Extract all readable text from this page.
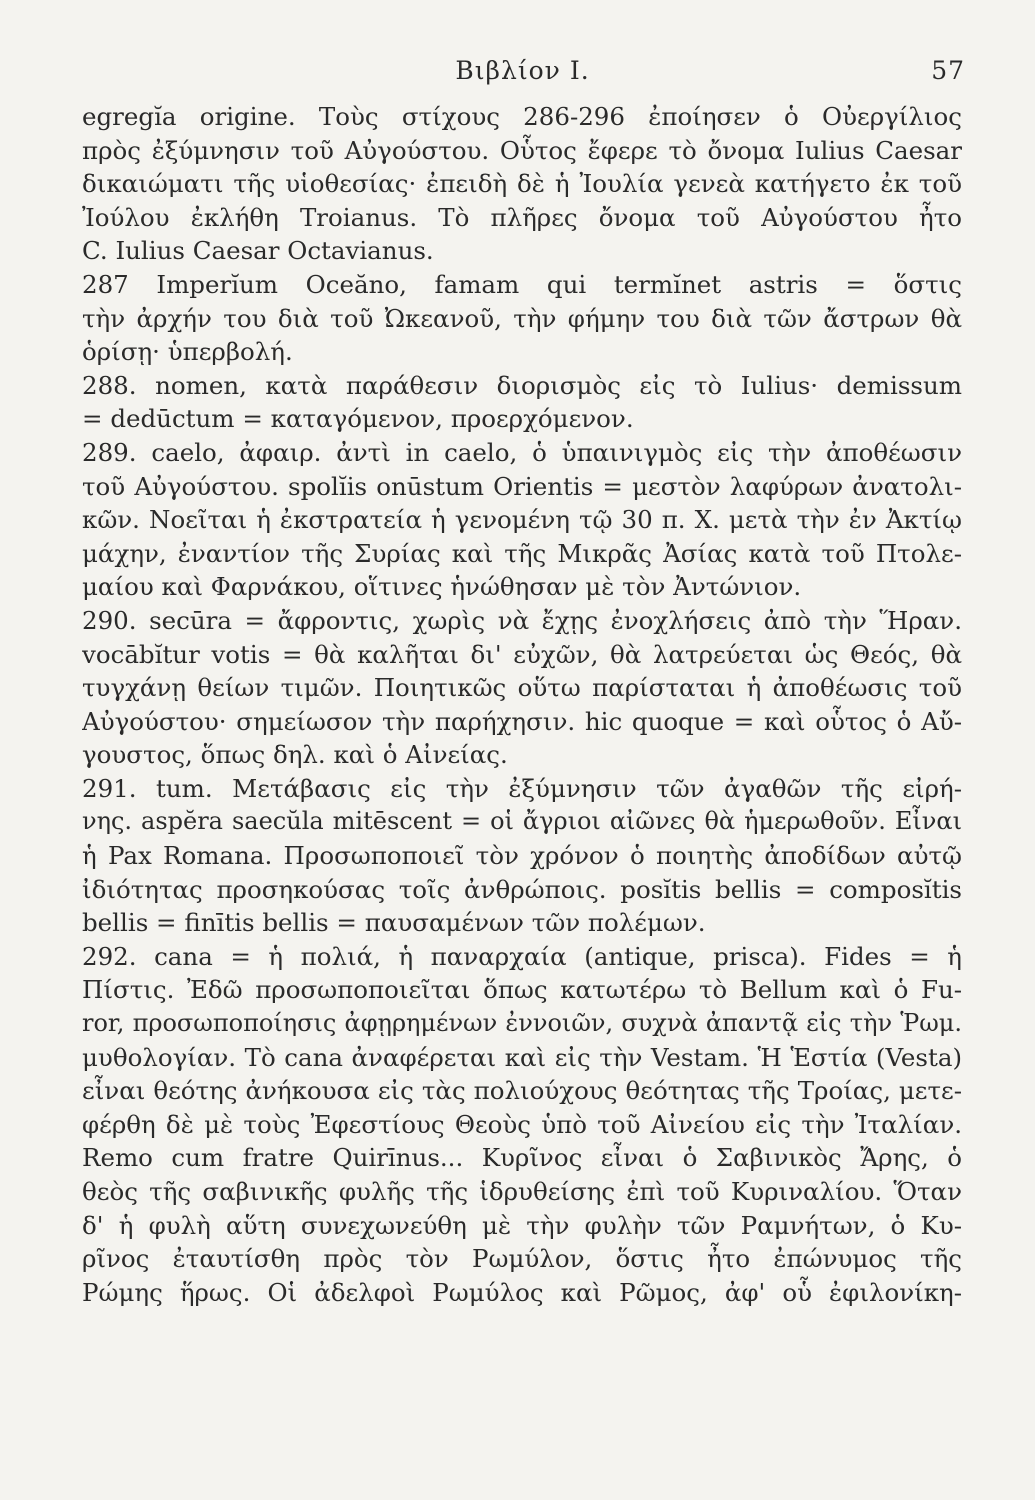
Βιβλίον I.	57
egregĭa origine. Τοὺς στίχους 286-296 ἐποίησεν ὁ Οὐεργίλιος
πρὸς ἐξύμνησιν τοῦ Αὐγούστου. Οὗτος ἔφερε τὸ ὄνομα Iulius Caesar
δικαιώματι τῆς υἱοθεσίας· ἐπειδὴ δὲ ἡ Ἰουλία γενεὰ κατήγετο ἐκ τοῦ
Ἰούλου ἐκλήθη Troianus. Τὸ πλῆρες ὄνομα τοῦ Αὐγούστου ἦτο
C. Iulius Caesar Octavianus.
287 Imperĭum Oceăno, famam qui termĭnet astris = ὅστις
τὴν ἀρχήν του διὰ τοῦ Ὠκεανοῦ, τὴν φήμην του διὰ τῶν ἄστρων θὰ
ὁρίσῃ· ὑπερβολή.
288. nomen, κατὰ παράθεσιν διορισμὸς εἰς τὸ Iulius· demissum
= dedūctum = καταγόμενον, προερχόμενον.
289. caelo, ἀφαιρ. ἀντὶ in caelo, ὁ ὑπαινιγμὸς εἰς τὴν ἀποθέωσιν
τοῦ Αὐγούστου. spolĭis onūstum Orientis = μεστὸν λαφύρων ἀνατολι-
κῶν. Νοεῖται ἡ ἐκστρατεία ἡ γενομένη τῷ 30 π. Χ. μετὰ τὴν ἐν Ἀκτίῳ
μάχην, ἐναντίον τῆς Συρίας καὶ τῆς Μικρᾶς Ἀσίας κατὰ τοῦ Πτολε-
μαίου καὶ Φαρνάκου, οἵτινες ἡνώθησαν μὲ τὸν Ἀντώνιον.
290. secūra = ἄφροντις, χωρὶς νὰ ἔχῃς ἐνοχλήσεις ἀπὸ τὴν Ἥραν.
vocābĭtur votis = θὰ καλῆται δι' εὐχῶν, θὰ λατρεύεται ὡς Θεός, θὰ
τυγχάνῃ θείων τιμῶν. Ποιητικῶς οὕτω παρίσταται ἡ ἀποθέωσις τοῦ
Αὐγούστου· σημείωσον τὴν παρήχησιν. hic quoque = καὶ οὗτος ὁ Αὔ-
γουστος, ὅπως δηλ. καὶ ὁ Αἰνείας.
291. tum. Μετάβασις εἰς τὴν ἐξύμνησιν τῶν ἀγαθῶν τῆς εἰρή-
νης. aspĕra saecŭla mitēscent = οἱ ἄγριοι αἰῶνες θὰ ἡμερωθοῦν. Εἶναι
ἡ Pax Romana. Προσωποποιεῖ τὸν χρόνον ὁ ποιητὴς ἀποδίδων αὐτῷ
ἰδιότητας προσηκούσας τοῖς ἀνθρώποις. posĭtis bellis = composĭtis
bellis = finītis bellis = παυσαμένων τῶν πολέμων.
292. cana = ἡ πολιά, ἡ παναρχαία (antique, prisca). Fides = ἡ
Πίστις. Ἐδῶ προσωποποιεῖται ὅπως κατωτέρω τὸ Bellum καὶ ὁ Fu-
ror, προσωποποίησις ἀφῃρημένων ἐννοιῶν, συχνὰ ἀπαντᾷ εἰς τὴν Ῥωμ.
μυθολογίαν. Τὸ cana ἀναφέρεται καὶ εἰς τὴν Vestam. Ἡ Ἑστία (Vesta)
εἶναι θεότης ἀνήκουσα εἰς τὰς πολιούχους θεότητας τῆς Τροίας, μετε-
φέρθη δὲ μὲ τοὺς Ἐφεστίους Θεοὺς ὑπὸ τοῦ Αἰνείου εἰς τὴν Ἰταλίαν.
Remo cum fratre Quirīnus... Κυρῖνος εἶναι ὁ Σαβινικὸς Ἄρης, ὁ
θεὸς τῆς σαβινικῆς φυλῆς τῆς ἱδρυθείσης ἐπὶ τοῦ Κυριναλίου. Ὅταν
δ' ἡ φυλὴ αὕτη συνεχωνεύθη μὲ τὴν φυλὴν τῶν Ραμνήτων, ὁ Κυ-
ρῖνος ἐταυτίσθη πρὸς τὸν Ρωμύλον, ὅστις ἦτο ἐπώνυμος τῆς
Ρώμης ἥρως. Οἱ ἀδελφοὶ Ρωμύλος καὶ Ρῶμος, ἀφ' οὗ ἐφιλονίκη-
